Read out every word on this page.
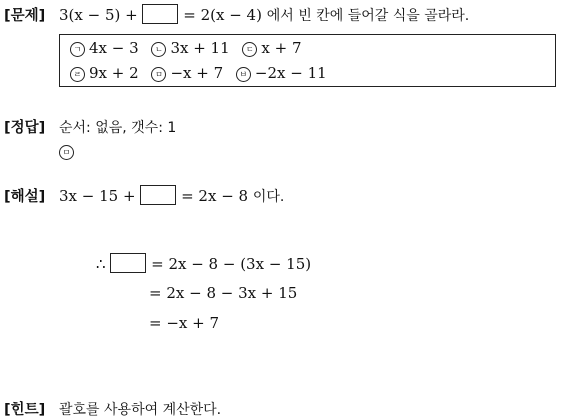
[문제] 3(x − 5) +	= 2(x − 4) 에서 빈 칸에 들어갈 식을 골라라.
ㄱ 4x − 3 ㄴ 3x + 11 ㄷ x + 7
ㄹ 9x + 2 ㅁ −x + 7 ㅂ −2x − 11
[정답] 순서: 없음, 갯수: 1
ㅁ
[해설] 3x − 15 +	= 2x − 8 이다.
∴	= 2x − 8 − (3x − 15)
= 2x − 8 − 3x + 15
= −x + 7
[힌트] 괄호를 사용하여 계산한다.
